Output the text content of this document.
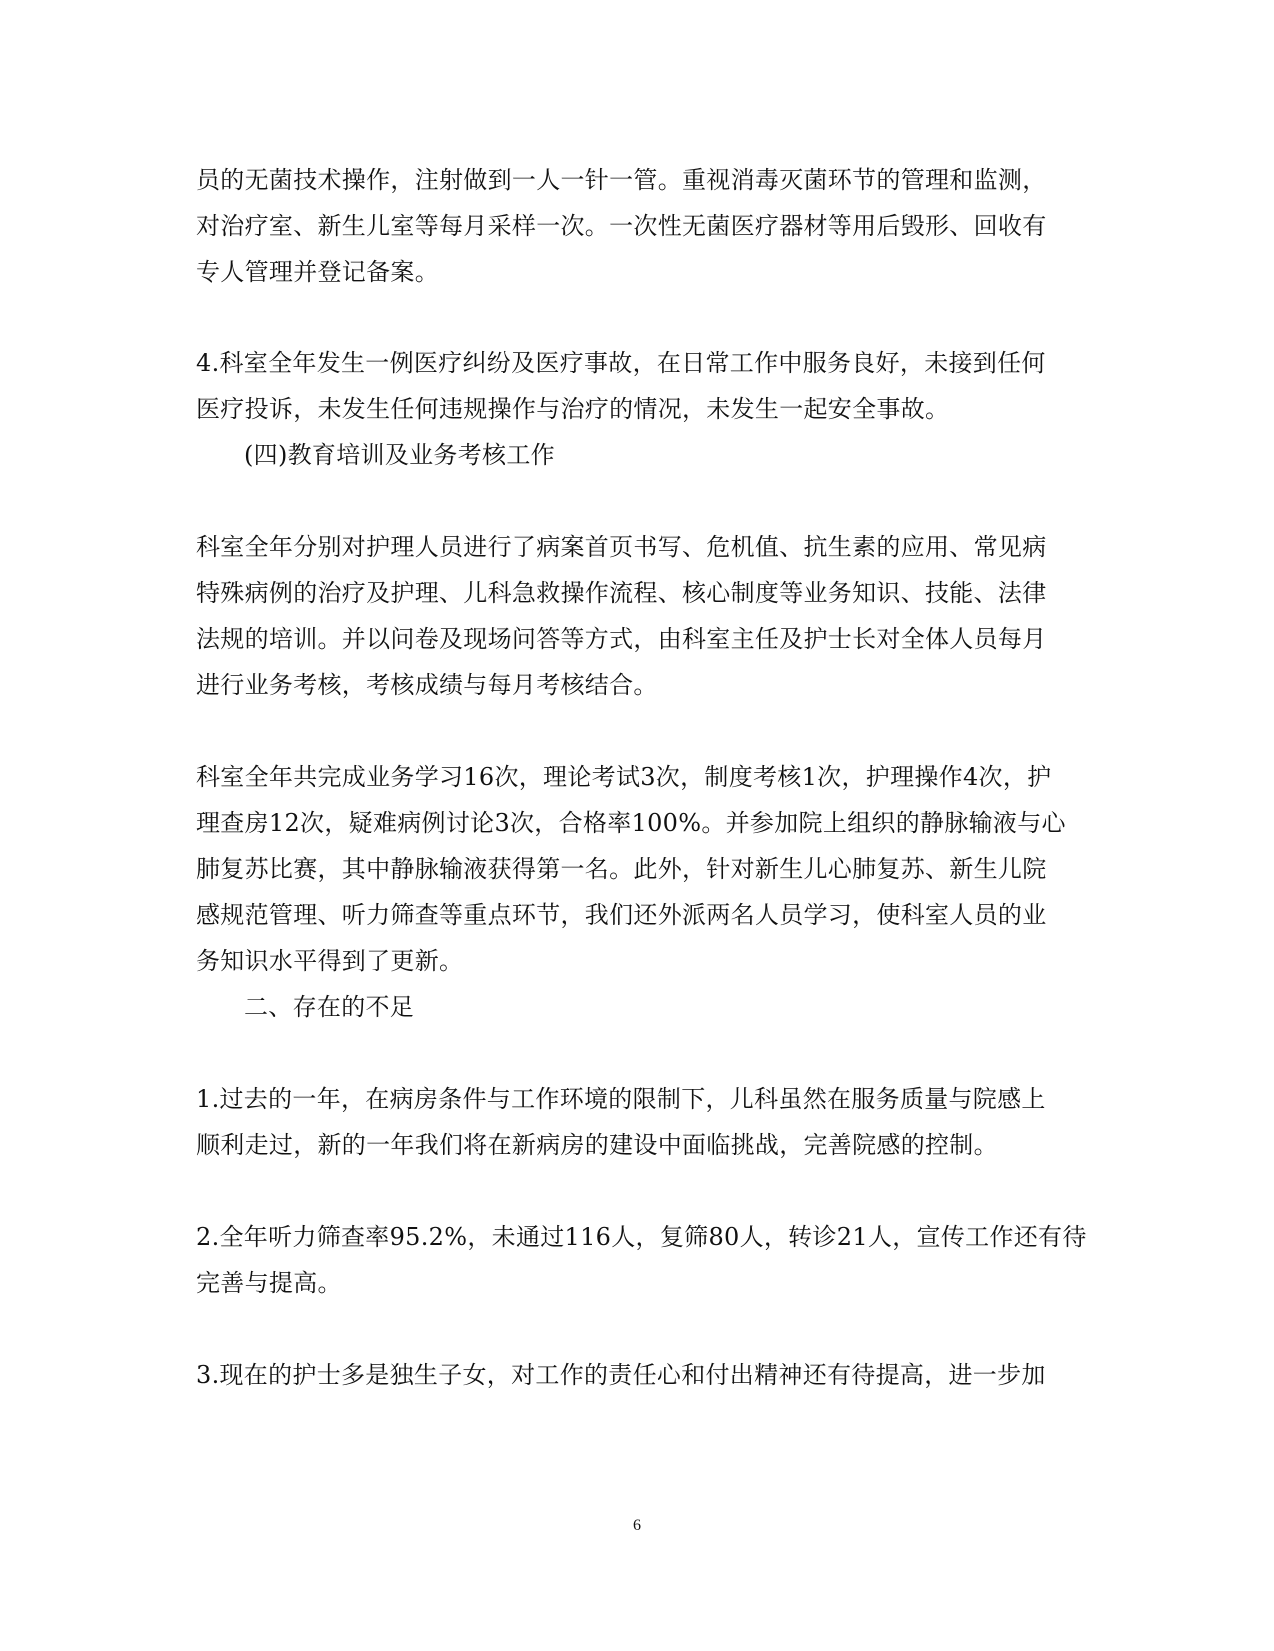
员的无菌技术操作，注射做到一人一针一管。重视消毒灭菌环节的管理和监测，
对治疗室、新生儿室等每月采样一次。一次性无菌医疗器材等用后毁形、回收有
专人管理并登记备案。
4.科室全年发生一例医疗纠纷及医疗事故，在日常工作中服务良好，未接到任何
医疗投诉，未发生任何违规操作与治疗的情况，未发生一起安全事故。
(四)教育培训及业务考核工作
科室全年分别对护理人员进行了病案首页书写、危机值、抗生素的应用、常见病
特殊病例的治疗及护理、儿科急救操作流程、核心制度等业务知识、技能、法律
法规的培训。并以问卷及现场问答等方式，由科室主任及护士长对全体人员每月
进行业务考核，考核成绩与每月考核结合。
科室全年共完成业务学习16次，理论考试3次，制度考核1次，护理操作4次，护
理查房12次，疑难病例讨论3次，合格率100%。并参加院上组织的静脉输液与心
肺复苏比赛，其中静脉输液获得第一名。此外，针对新生儿心肺复苏、新生儿院
感规范管理、听力筛查等重点环节，我们还外派两名人员学习，使科室人员的业
务知识水平得到了更新。
二、存在的不足
1.过去的一年，在病房条件与工作环境的限制下，儿科虽然在服务质量与院感上
顺利走过，新的一年我们将在新病房的建设中面临挑战，完善院感的控制。
2.全年听力筛查率95.2%，未通过116人，复筛80人，转诊21人，宣传工作还有待
完善与提高。
3.现在的护士多是独生子女，对工作的责任心和付出精神还有待提高，进一步加
6
